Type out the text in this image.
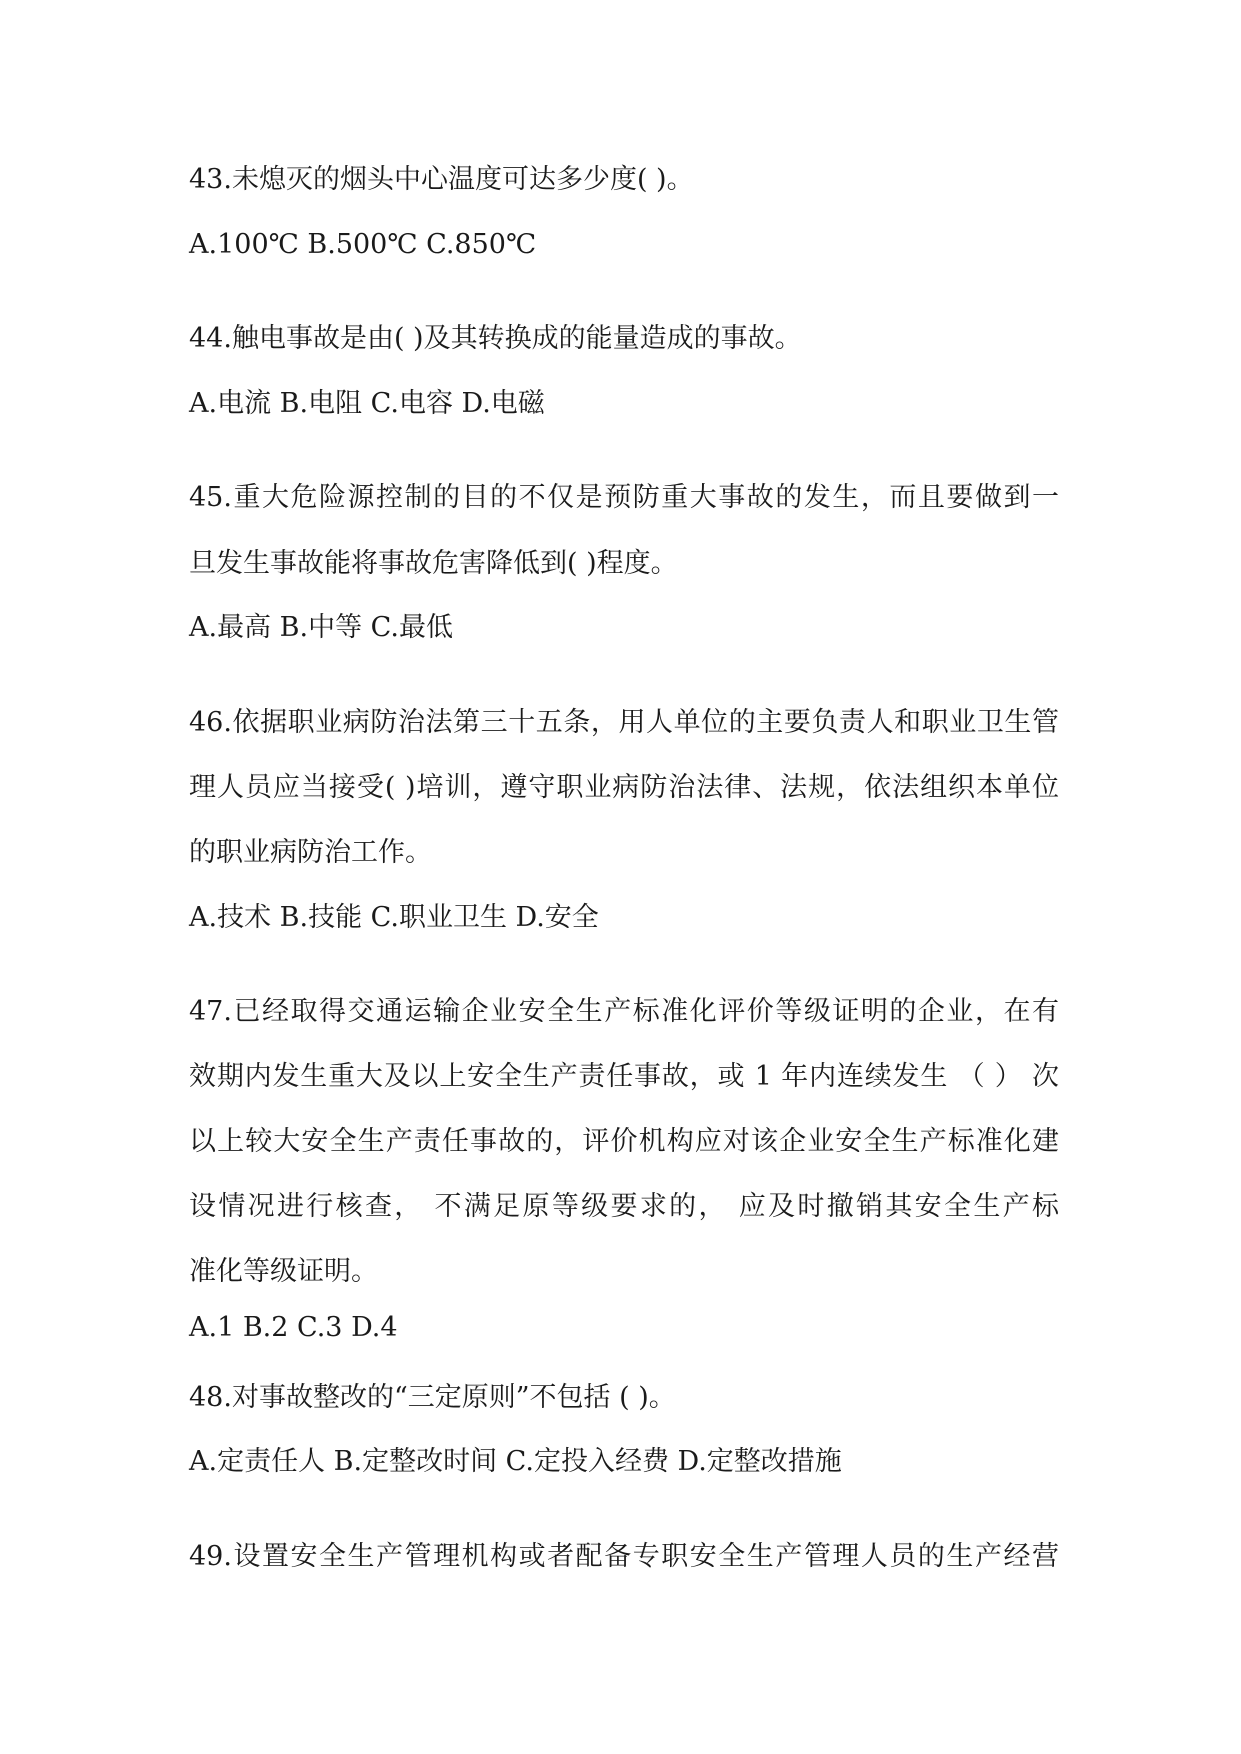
43.未熄灭的烟头中心温度可达多少度( )。
A.100℃ B.500℃ C.850℃
44.触电事故是由( )及其转换成的能量造成的事故。
A.电流 B.电阻 C.电容 D.电磁
45.重大危险源控制的目的不仅是预防重大事故的发生，而且要做到一
旦发生事故能将事故危害降低到( )程度。
A.最高 B.中等 C.最低
46.依据职业病防治法第三十五条，用人单位的主要负责人和职业卫生管
理人员应当接受( )培训，遵守职业病防治法律、法规，依法组织本单位
的职业病防治工作。
A.技术 B.技能 C.职业卫生 D.安全
47.已经取得交通运输企业安全生产标准化评价等级证明的企业，在有
效期内发生重大及以上安全生产责任事故，或 1 年内连续发生 （ ） 次
以上较大安全生产责任事故的，评价机构应对该企业安全生产标准化建
设情况进行核查， 不满足原等级要求的， 应及时撤销其安全生产标
准化等级证明。
A.1 B.2 C.3 D.4
48.对事故整改的“三定原则”不包括 ( )。
A.定责任人 B.定整改时间 C.定投入经费 D.定整改措施
49.设置安全生产管理机构或者配备专职安全生产管理人员的生产经营
